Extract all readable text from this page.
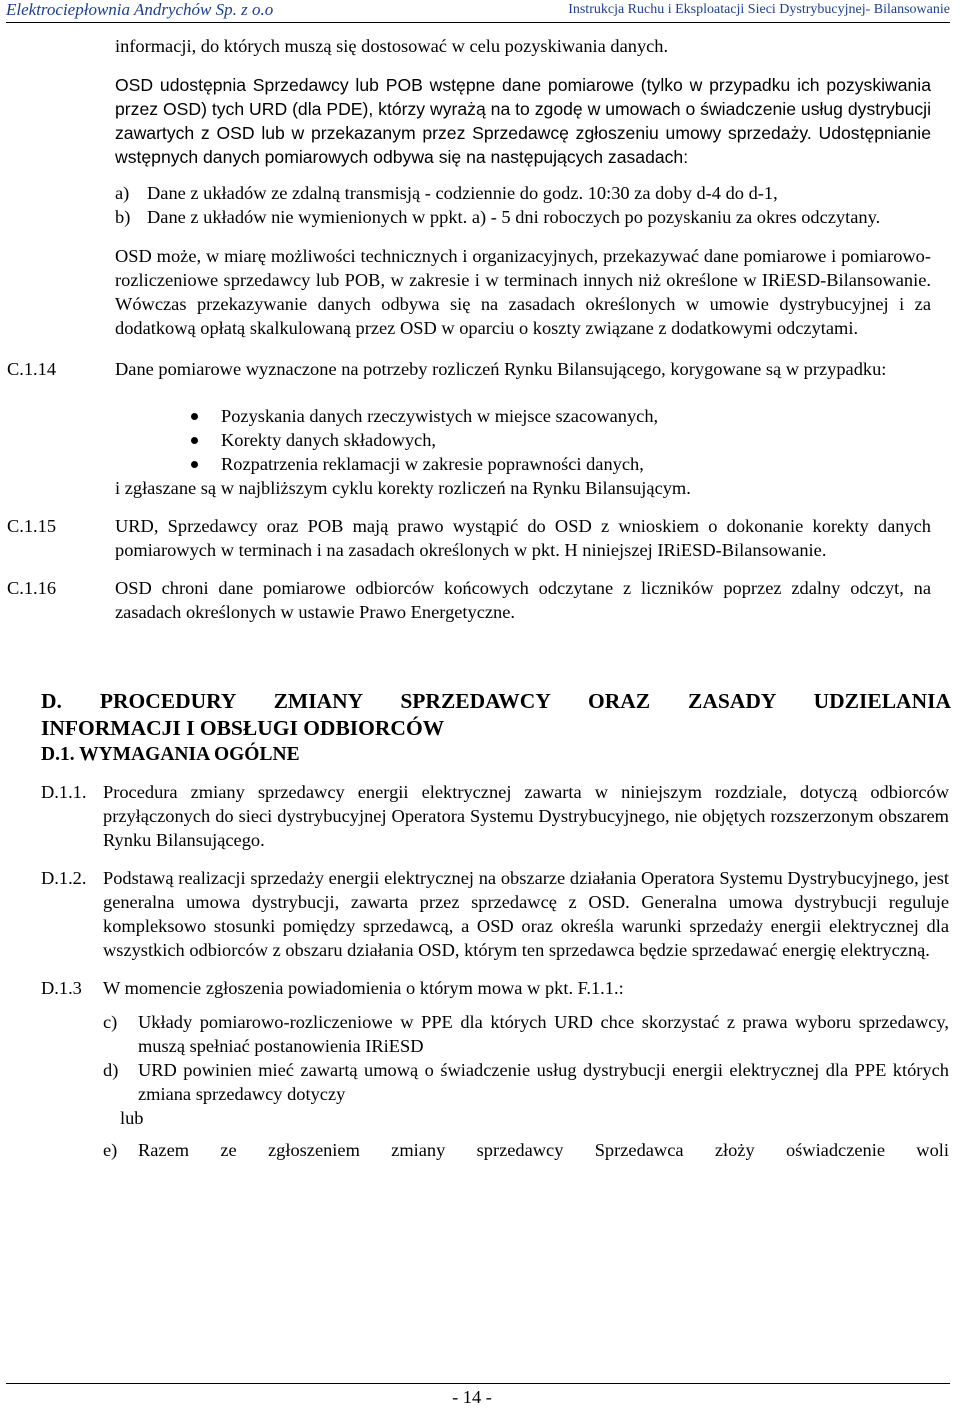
Elektrociepłownia Andrychów Sp. z o.o	Instrukcja Ruchu i Eksploatacji Sieci Dystrybucyjnej- Bilansowanie

informacji, do których muszą się dostosować w celu pozyskiwania danych.

OSD udostępnia Sprzedawcy lub POB wstępne dane pomiarowe (tylko w przypadku ich pozyskiwania przez OSD) tych URD (dla PDE), którzy wyrażą na to zgodę w umowach o świadczenie usług dystrybucji zawartych z OSD lub w przekazanym przez Sprzedawcę zgłoszeniu umowy sprzedaży. Udostępnianie wstępnych danych pomiarowych odbywa się na następujących zasadach:

a) Dane z układów ze zdalną transmisją - codziennie do godz. 10:30 za doby d-4 do d-1,
b) Dane z układów nie wymienionych w ppkt. a) - 5 dni roboczych po pozyskaniu za okres odczytany.

OSD może, w miarę możliwości technicznych i organizacyjnych, przekazywać dane pomiarowe i pomiarowo-rozliczeniowe sprzedawcy lub POB, w zakresie i w terminach innych niż określone w IRiESD-Bilansowanie. Wówczas przekazywanie danych odbywa się na zasadach określonych w umowie dystrybucyjnej i za dodatkową opłatą skalkulowaną przez OSD w oparciu o koszty związane z dodatkowymi odczytami.

C.1.14	Dane pomiarowe wyznaczone na potrzeby rozliczeń Rynku Bilansującego, korygowane są w przypadku:

Pozyskania danych rzeczywistych w miejsce szacowanych,
Korekty danych składowych,
Rozpatrzenia reklamacji w zakresie poprawności danych,

i zgłaszane są w najbliższym cyklu korekty rozliczeń na Rynku Bilansującym.

C.1.15	URD, Sprzedawcy oraz POB mają prawo wystąpić do OSD z wnioskiem o dokonanie korekty danych pomiarowych w terminach i na zasadach określonych w pkt. H niniejszej IRiESD-Bilansowanie.

C.1.16	OSD chroni dane pomiarowe odbiorców końcowych odczytane z liczników poprzez zdalny odczyt, na zasadach określonych w ustawie Prawo Energetyczne.

D. PROCEDURY ZMIANY SPRZEDAWCY ORAZ ZASADY UDZIELANIA
INFORMACJI I OBSŁUGI ODBIORCÓW
D.1. WYMAGANIA OGÓLNE
D.1.1. Procedura zmiany sprzedawcy energii elektrycznej zawarta w niniejszym rozdziale, dotyczą odbiorców przyłączonych do sieci dystrybucyjnej Operatora Systemu Dystrybucyjnego, nie objętych rozszerzonym obszarem Rynku Bilansującego.

D.1.2. Podstawą realizacji sprzedaży energii elektrycznej na obszarze działania Operatora Systemu Dystrybucyjnego, jest generalna umowa dystrybucji, zawarta przez sprzedawcę z OSD. Generalna umowa dystrybucji reguluje kompleksowo stosunki pomiędzy sprzedawcą, a OSD oraz określa warunki sprzedaży energii elektrycznej dla wszystkich odbiorców z obszaru działania OSD, którym ten sprzedawca będzie sprzedawać energię elektryczną.

D.1.3 W momencie zgłoszenia powiadomienia o którym mowa w pkt. F.1.1.:

c) Układy pomiarowo-rozliczeniowe w PPE dla których URD chce skorzystać z prawa wyboru sprzedawcy, muszą spełniać postanowienia IRiESD
d) URD powinien mieć zawartą umową o świadczenie usług dystrybucji energii elektrycznej dla PPE których zmiana sprzedawcy dotyczy
lub
e) Razem ze zgłoszeniem zmiany sprzedawcy Sprzedawca złoży oświadczenie woli
- 14 -
